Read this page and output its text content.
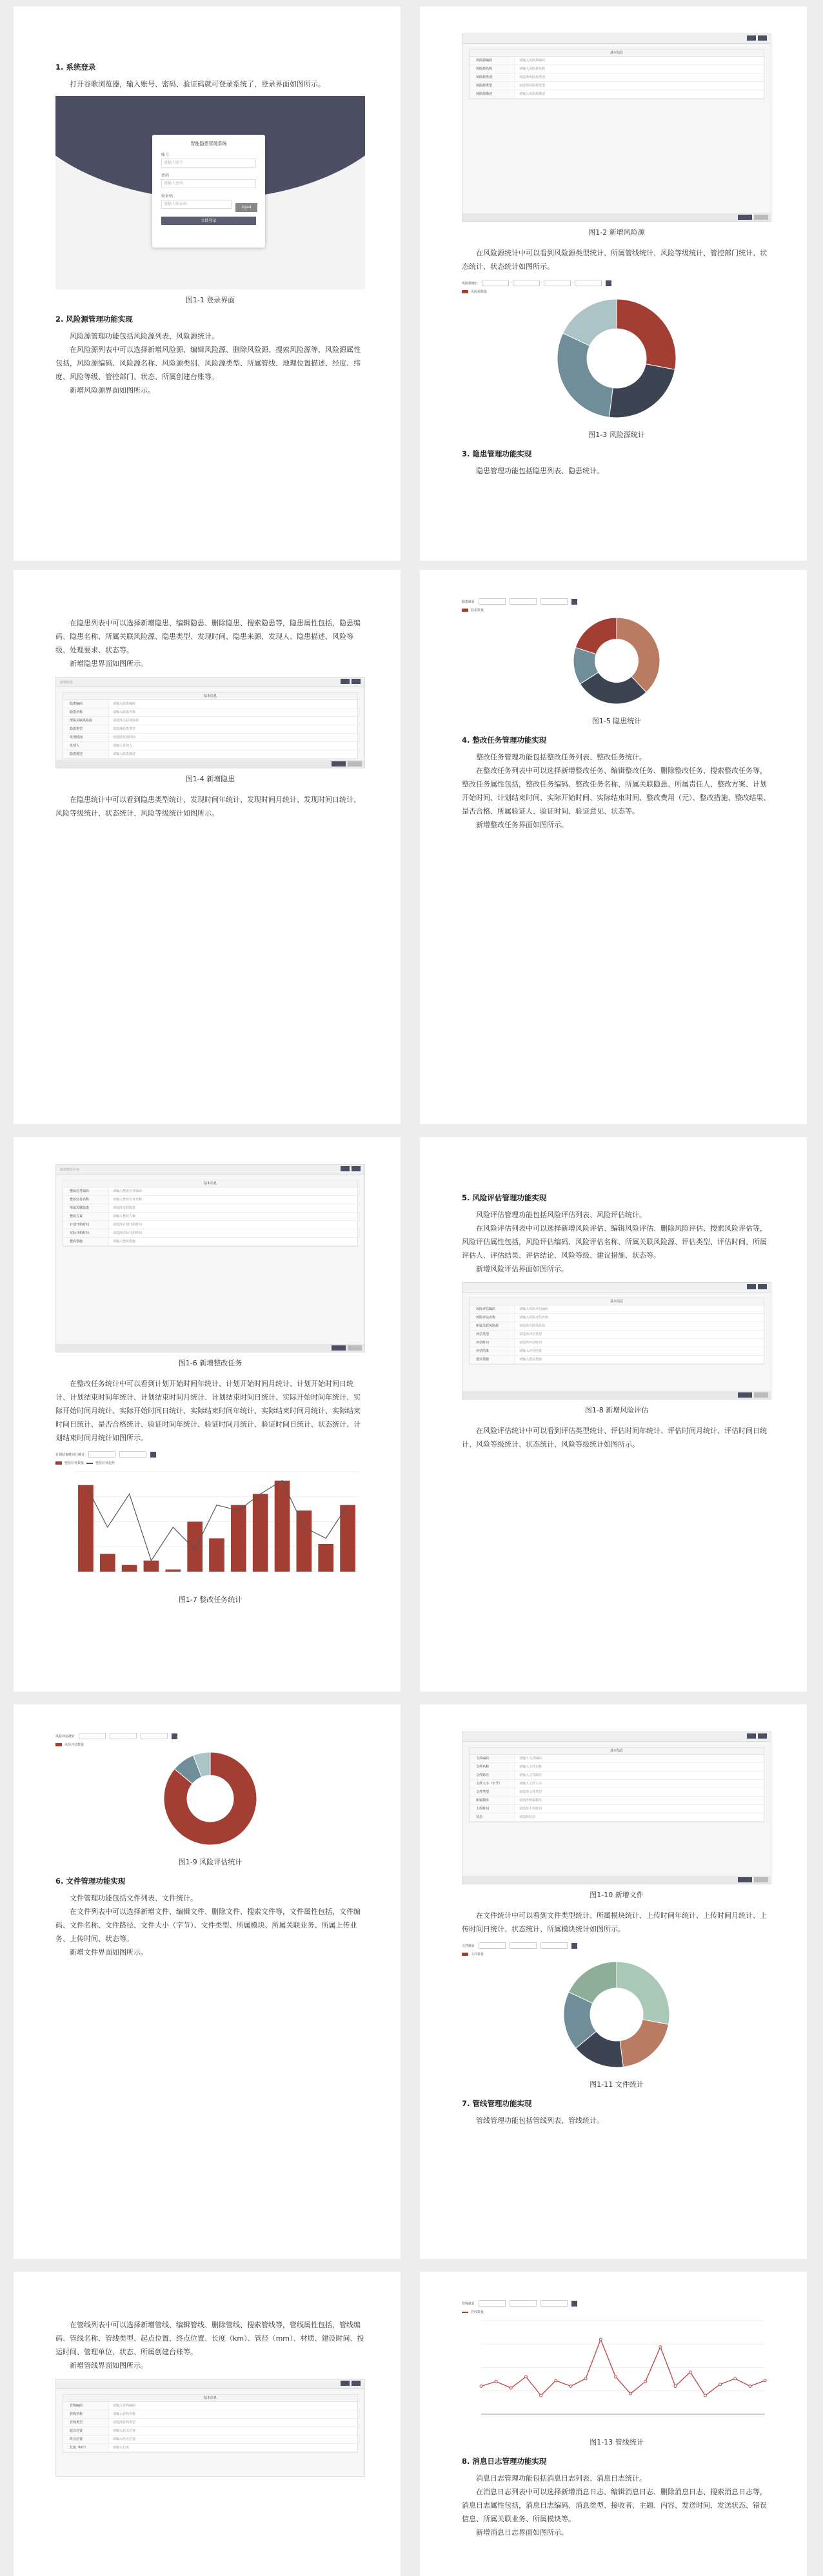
1. 系统登录

打开谷歌浏览器，输入账号、密码、验证码就可登录系统了，登录界面如图所示。

智能隐患管理系统
账号
请输入账号
密码
请输入密码
验证码
请输入验证码
2ga4
立即登录
图1-1 登录界面
2. 风险源管理功能实现

风险源管理功能包括风险源列表、风险源统计。

在风险源列表中可以选择新增风险源、编辑风险源、删除风险源、搜索风险源等，风险源属性包括，风险源编码、风险源名称、风险源类别、风险源类型、所属管线、地理位置描述、经度、纬度、风险等级、管控部门、状态、所属创建台账等。

新增风险源界面如图所示。

基本信息
风险源编码	请输入风险源编码
风险源名称	请输入风险源名称
风险源类别	请选择风险源类别
风险源类型	请选择风险源类型
风险源描述	请输入风险源描述
图1-2 新增风险源

在风险源统计中可以看到风险源类型统计、所属管线统计、风险等级统计、管控部门统计、状态统计、状态统计如图所示。

风险源统计
风险源数量
图1-3 风险源统计
3. 隐患管理功能实现

隐患管理功能包括隐患列表、隐患统计。

在隐患列表中可以选择新增隐患、编辑隐患、删除隐患、搜索隐患等，隐患属性包括，隐患编码、隐患名称、所属关联风险源、隐患类型、发现时间、隐患来源、发现人、隐患描述、风险等级、处理要求、状态等。

新增隐患界面如图所示。

新增隐患
基本信息
隐患编码	请输入隐患编码
隐患名称	请输入隐患名称
所属关联风险源	请选择关联风险源
隐患类型	请选择隐患类型
发现时间	请选择发现时间
发现人	请输入发现人
隐患描述	请输入隐患描述
图1-4 新增隐患

在隐患统计中可以看到隐患类型统计、发现时间年统计、发现时间月统计、发现时间日统计、风险等级统计、状态统计、风险等级统计如图所示。

隐患统计
隐患数量
图1-5 隐患统计
4. 整改任务管理功能实现

整改任务管理功能包括整改任务列表、整改任务统计。

在整改任务列表中可以选择新增整改任务、编辑整改任务、删除整改任务、搜索整改任务等，整改任务属性包括，整改任务编码、整改任务名称、所属关联隐患、所属责任人、整改方案、计划开始时间、计划结束时间、实际开始时间、实际结束时间、整改费用（元）、整改措施、整改结果、是否合格、所属验证人、验证时间、验证意见、状态等。

新增整改任务界面如图所示。

新增整改任务
基本信息
整改任务编码	请输入整改任务编码
整改任务名称	请输入整改任务名称
所属关联隐患	请选择关联隐患
整改方案	请输入整改方案
计划开始时间	请选择计划开始时间
实际开始时间	请选择实际开始时间
整改措施	请输入整改措施
图1-6 新增整改任务

在整改任务统计中可以看到计划开始时间年统计、计划开始时间月统计、计划开始时间日统计、计划结束时间年统计、计划结束时间月统计、计划结束时间日统计、实际开始时间年统计、实际开始时间月统计、实际开始时间日统计、实际结束时间年统计、实际结束时间月统计、实际结束时间日统计、是否合格统计、验证时间年统计、验证时间月统计、验证时间日统计、状态统计、计划结束时间月统计如图所示。

计划结束时间月统计
整改任务数量	整改任务趋势
图1-7 整改任务统计
5. 风险评估管理功能实现

风险评估管理功能包括风险评估列表、风险评估统计。

在风险评估列表中可以选择新增风险评估、编辑风险评估、删除风险评估、搜索风险评估等，风险评估属性包括，风险评估编码、风险评估名称、所属关联风险源、评估类型、评估时间、所属评估人、评估结果、评估结论、风险等级、建议措施、状态等。

新增风险评估界面如图所示。

基本信息
风险评估编码	请输入风险评估编码
风险评估名称	请输入风险评估名称
所属关联风险源	请选择关联风险源
评估类型	请选择评估类型
评估时间	请选择评估时间
评估结果	请输入评估结果
建议措施	请输入建议措施
图1-8 新增风险评估

在风险评估统计中可以看到评估类型统计、评估时间年统计、评估时间月统计、评估时间日统计、风险等级统计、状态统计、风险等级统计如图所示。

风险评估统计
风险评估数量
图1-9 风险评估统计
6. 文件管理功能实现

文件管理功能包括文件列表、文件统计。

在文件列表中可以选择新增文件、编辑文件、删除文件、搜索文件等，文件属性包括，文件编码、文件名称、文件路径、文件大小（字节）、文件类型、所属模块、所属关联业务、所属上传业务、上传时间、状态等。

新增文件界面如图所示。

基本信息
文件编码	请输入文件编码
文件名称	请输入文件名称
文件路径	请输入文件路径
文件大小（字节）	请输入文件大小
文件类型	请选择文件类型
所属模块	请选择所属模块
上传时间	请选择上传时间
状态	请选择状态
图1-10 新增文件

在文件统计中可以看到文件类型统计、所属模块统计、上传时间年统计、上传时间月统计、上传时间日统计、状态统计、所属模块统计如图所示。

文件统计
文件数量
图1-11 文件统计
7. 管线管理功能实现

管线管理功能包括管线列表、管线统计。

在管线列表中可以选择新增管线、编辑管线、删除管线、搜索管线等，管线属性包括，管线编码、管线名称、管线类型、起点位置、终点位置、长度（km）、管径（mm）、材质、建设时间、投运时间、管理单位、状态、所属创建台账等。

新增管线界面如图所示。

基本信息
管线编码	请输入管线编码
管线名称	请输入管线名称
管线类型	请选择管线类型
起点位置	请输入起点位置
终点位置	请输入终点位置
长度（km）	请输入长度
管线统计
管线数量
图1-13 管线统计
8. 消息日志管理功能实现

消息日志管理功能包括消息日志列表、消息日志统计。

在消息日志列表中可以选择新增消息日志、编辑消息日志、删除消息日志、搜索消息日志等，消息日志属性包括，消息日志编码、消息类型、接收者、主题、内容、发送时间、发送状态、错误信息、所属关联业务、所属模块等。

新增消息日志界面如图所示。
